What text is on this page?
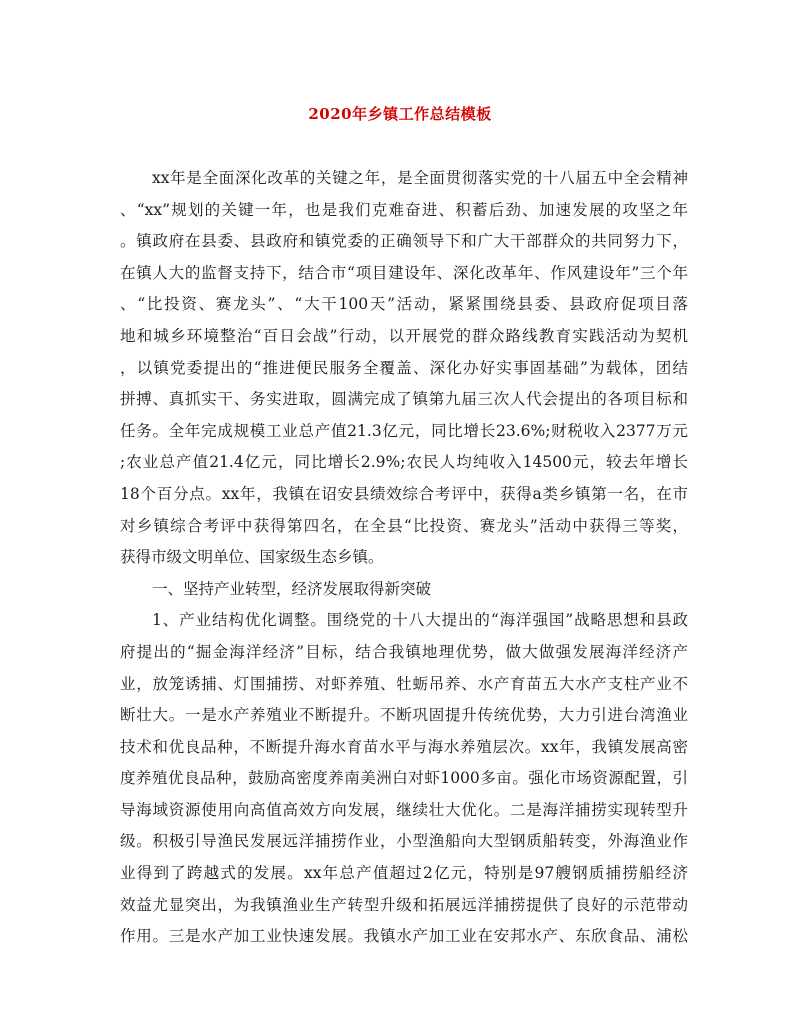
2020年乡镇工作总结模板
xx年是全面深化改革的关键之年，是全面贯彻落实党的十八届五中全会精神
、“xx”规划的关键一年，也是我们克难奋进、积蓄后劲、加速发展的攻坚之年
。镇政府在县委、县政府和镇党委的正确领导下和广大干部群众的共同努力下，
在镇人大的监督支持下，结合市“项目建设年、深化改革年、作风建设年”三个年
、“比投资、赛龙头”、“大干100天”活动，紧紧围绕县委、县政府促项目落
地和城乡环境整治“百日会战”行动，以开展党的群众路线教育实践活动为契机
，以镇党委提出的“推进便民服务全覆盖、深化办好实事固基础”为载体，团结
拼搏、真抓实干、务实进取，圆满完成了镇第九届三次人代会提出的各项目标和
任务。全年完成规模工业总产值21.3亿元，同比增长23.6%;财税收入2377万元
;农业总产值21.4亿元，同比增长2.9%;农民人均纯收入14500元，较去年增长
18个百分点。xx年，我镇在诏安县绩效综合考评中，获得a类乡镇第一名，在市
对乡镇综合考评中获得第四名，在全县“比投资、赛龙头”活动中获得三等奖，
获得市级文明单位、国家级生态乡镇。
一、坚持产业转型，经济发展取得新突破
1、产业结构优化调整。围绕党的十八大提出的“海洋强国”战略思想和县政
府提出的“掘金海洋经济”目标，结合我镇地理优势，做大做强发展海洋经济产
业，放笼诱捕、灯围捕捞、对虾养殖、牡蛎吊养、水产育苗五大水产支柱产业不
断壮大。一是水产养殖业不断提升。不断巩固提升传统优势，大力引进台湾渔业
技术和优良品种，不断提升海水育苗水平与海水养殖层次。xx年，我镇发展高密
度养殖优良品种，鼓励高密度养南美洲白对虾1000多亩。强化市场资源配置，引
导海域资源使用向高值高效方向发展，继续壮大优化。二是海洋捕捞实现转型升
级。积极引导渔民发展远洋捕捞作业，小型渔船向大型钢质船转变，外海渔业作
业得到了跨越式的发展。xx年总产值超过2亿元，特别是97艘钢质捕捞船经济
效益尤显突出，为我镇渔业生产转型升级和拓展远洋捕捞提供了良好的示范带动
作用。三是水产加工业快速发展。我镇水产加工业在安邦水产、东欣食品、浦松
